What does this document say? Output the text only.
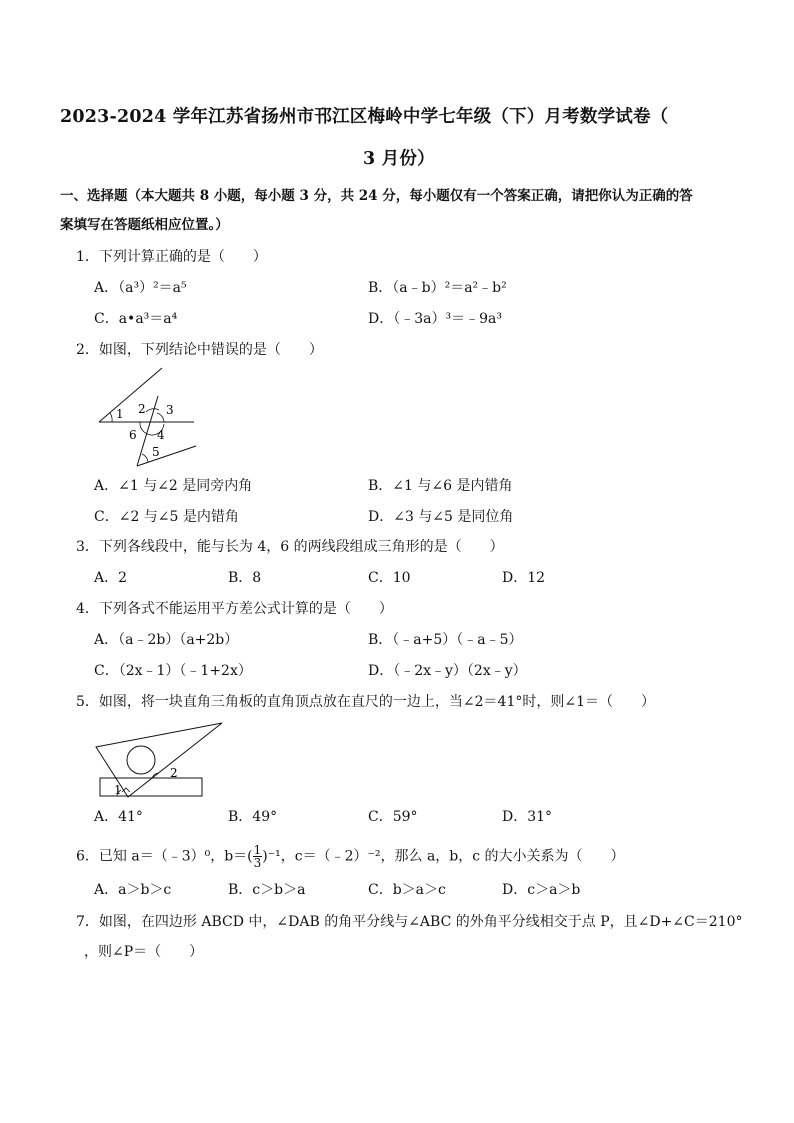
2023-2024 学年江苏省扬州市邗江区梅岭中学七年级（下）月考数学试卷（
3 月份）
一、选择题（本大题共 8 小题，每小题 3 分，共 24 分，每小题仅有一个答案正确，请把你认为正确的答
案填写在答题纸相应位置。）
1．下列计算正确的是（　　）
A．（a³）²＝a⁵	B．（a﹣b）²＝a²﹣b²
C．a•a³＝a⁴	D．（﹣3a）³＝﹣9a³
2．如图，下列结论中错误的是（　　）
1 2 3
4
5
6
A．∠1 与∠2 是同旁内角	B．∠1 与∠6 是内错角
C．∠2 与∠5 是内错角	D．∠3 与∠5 是同位角
3．下列各线段中，能与长为 4，6 的两线段组成三角形的是（　　）
A．2	B．8	C．10	D．12
4．下列各式不能运用平方差公式计算的是（　　）
A．（a﹣2b）（a+2b）	B．（﹣a+5）（﹣a﹣5）
C．（2x﹣1）（﹣1+2x）	D．（﹣2x﹣y）（2x﹣y）
5．如图，将一块直角三角板的直角顶点放在直尺的一边上，当∠2＝41°时，则∠1＝（　　）
2
1
A．41°	B．49°	C．59°	D．31°
6．已知 a＝（﹣3）⁰，$b=( \frac{1}{3} )^{-1}$，c＝（﹣2）⁻²，那么 a，b，c 的大小关系为（　　）
A．a＞b＞c	B．c＞b＞a	C．b＞a＞c	D．c＞a＞b
7．如图，在四边形 ABCD 中，∠DAB 的角平分线与∠ABC 的外角平分线相交于点 P，且∠D+∠C＝210°
，则∠P＝（　　）
